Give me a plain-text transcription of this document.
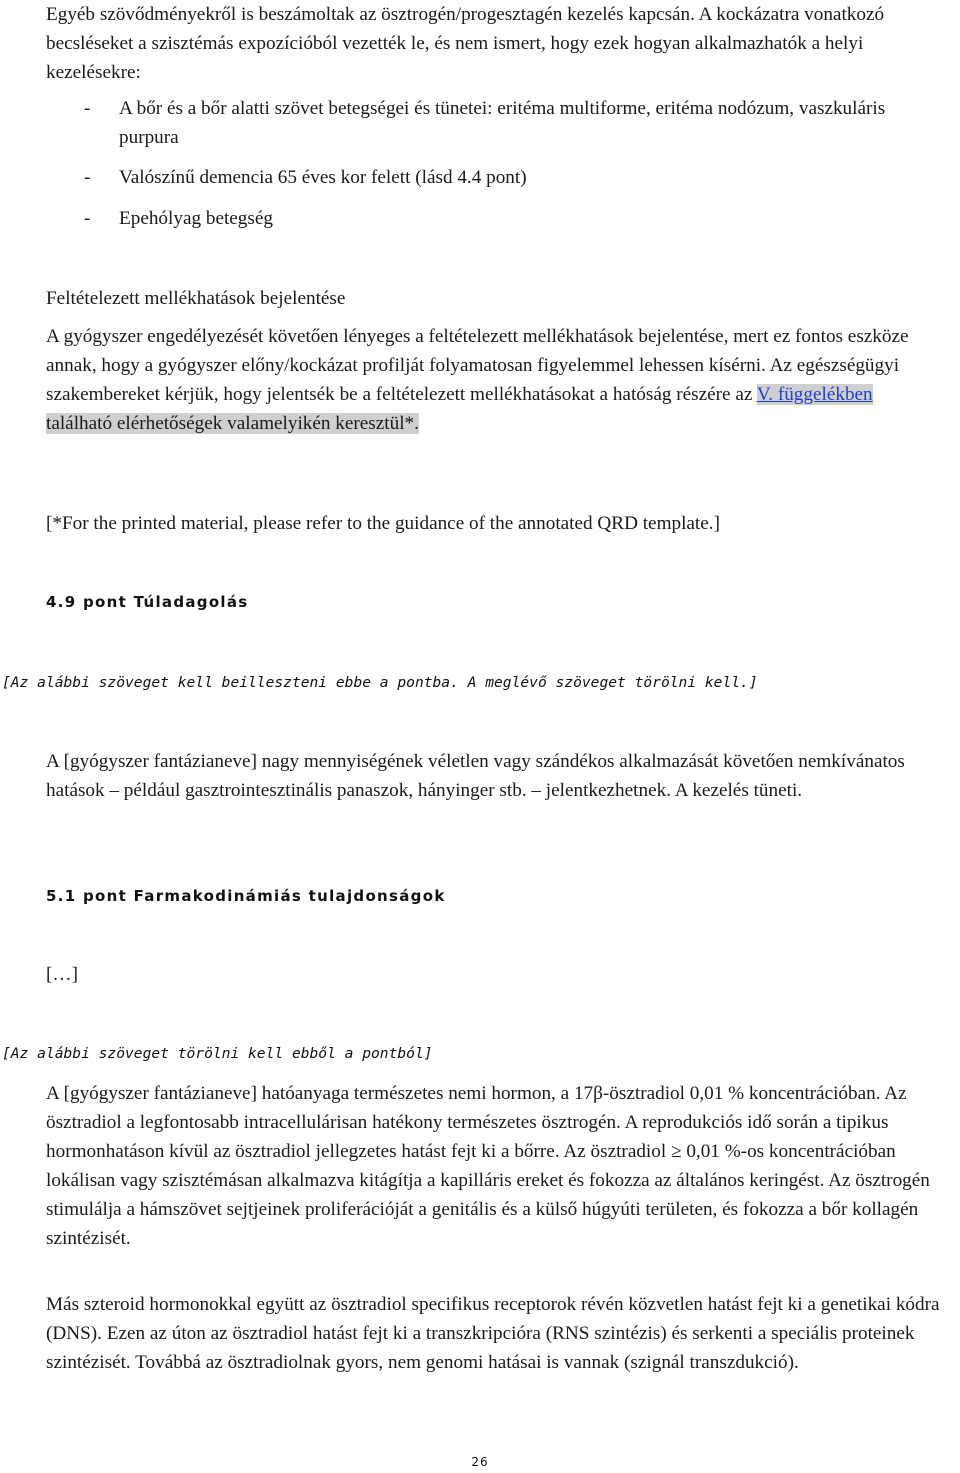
Egyéb szövődményekről is beszámoltak az ösztrogén/progesztagén kezelés kapcsán. A kockázatra vonatkozó becsléseket a szisztémás expozícióból vezették le, és nem ismert, hogy ezek hogyan alkalmazhatók a helyi kezelésekre:

-	A bőr és a bőr alatti szövet betegségei és tünetei: eritéma multiforme, eritéma nodózum, vaszkuláris purpura

-	Valószínű demencia 65 éves kor felett (lásd 4.4 pont)

-	Epehólyag betegség

Feltételezett mellékhatások bejelentése

A gyógyszer engedélyezését követően lényeges a feltételezett mellékhatások bejelentése, mert ez fontos eszköze annak, hogy a gyógyszer előny/kockázat profilját folyamatosan figyelemmel lehessen kísérni. Az egészségügyi szakembereket kérjük, hogy jelentsék be a feltételezett mellékhatásokat a hatóság részére az V. függelékben található elérhetőségek valamelyikén keresztül*.

[*For the printed material, please refer to the guidance of the annotated QRD template.]

4.9 pont Túladagolás

[Az alábbi szöveget kell beilleszteni ebbe a pontba. A meglévő szöveget törölni kell.]

A [gyógyszer fantázianeve] nagy mennyiségének véletlen vagy szándékos alkalmazását követően nemkívánatos hatások – például gasztrointesztinális panaszok, hányinger stb. – jelentkezhetnek. A kezelés tüneti.

5.1 pont Farmakodinámiás tulajdonságok

[…]

[Az alábbi szöveget törölni kell ebből a pontból]

A [gyógyszer fantázianeve] hatóanyaga természetes nemi hormon, a 17β-ösztradiol 0,01 % koncentrációban. Az ösztradiol a legfontosabb intracellulárisan hatékony természetes ösztrogén. A reprodukciós idő során a tipikus hormonhatáson kívül az ösztradiol jellegzetes hatást fejt ki a bőrre. Az ösztradiol ≥ 0,01 %-os koncentrációban lokálisan vagy szisztémásan alkalmazva kitágítja a kapilláris ereket és fokozza az általános keringést. Az ösztrogén stimulálja a hámszövet sejtjeinek proliferációját a genitális és a külső húgyúti területen, és fokozza a bőr kollagén szintézisét.

Más szteroid hormonokkal együtt az ösztradiol specifikus receptorok révén közvetlen hatást fejt ki a genetikai kódra (DNS). Ezen az úton az ösztradiol hatást fejt ki a transzkripcióra (RNS szintézis) és serkenti a speciális proteinek szintézisét. Továbbá az ösztradiolnak gyors, nem genomi hatásai is vannak (szignál transzdukció).

26
